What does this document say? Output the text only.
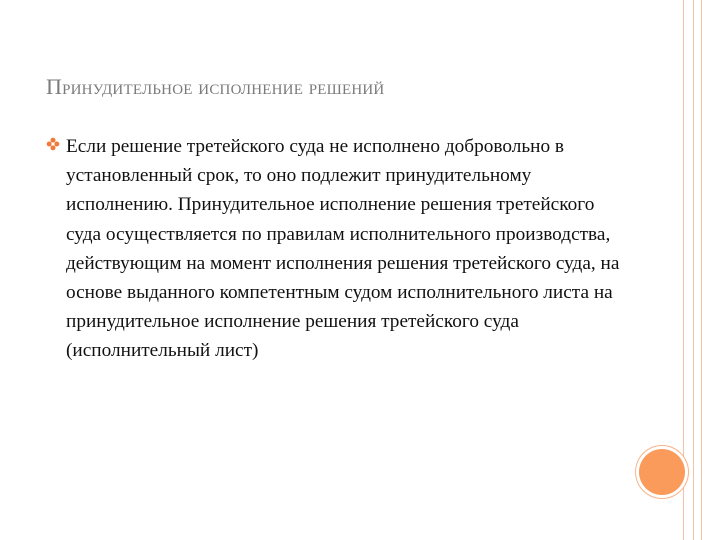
Принудительное исполнение решений

Если решение третейского суда не исполнено добровольно в установленный срок, то оно подлежит принудительному исполнению. Принудительное исполнение решения третейского суда осуществляется по правилам исполнительного производства, действующим на момент исполнения решения третейского суда, на основе выданного компетентным судом исполнительного листа на принудительное исполнение решения третейского суда (исполнительный лист)
